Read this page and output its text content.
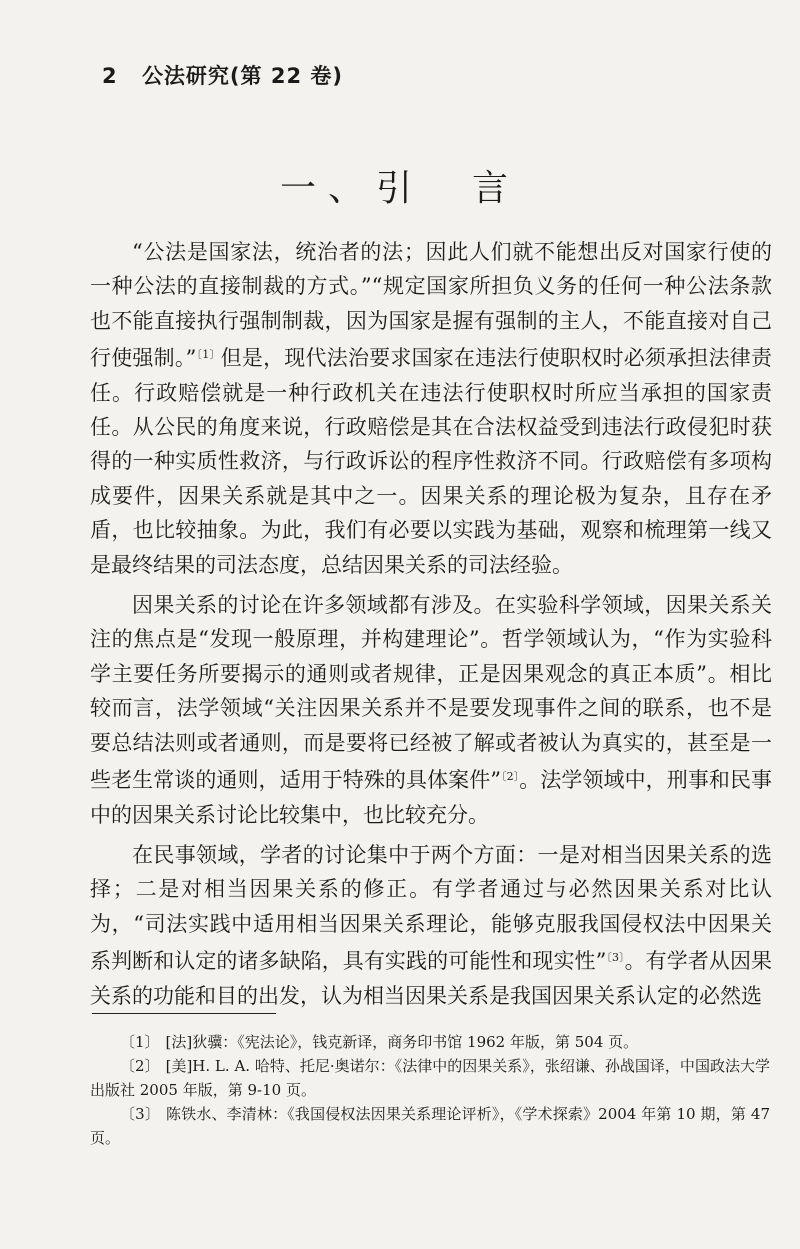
2 公法研究(第 22 卷)
一、引　言

“公法是国家法，统治者的法；因此人们就不能想出反对国家行使的一种公法的直接制裁的方式。”“规定国家所担负义务的任何一种公法条款也不能直接执行强制制裁，因为国家是握有强制的主人，不能直接对自己行使强制。”$^{〔1〕}$但是，现代法治要求国家在违法行使职权时必须承担法律责任。行政赔偿就是一种行政机关在违法行使职权时所应当承担的国家责任。从公民的角度来说，行政赔偿是其在合法权益受到违法行政侵犯时获得的一种实质性救济，与行政诉讼的程序性救济不同。行政赔偿有多项构成要件，因果关系就是其中之一。因果关系的理论极为复杂，且存在矛盾，也比较抽象。为此，我们有必要以实践为基础，观察和梳理第一线又是最终结果的司法态度，总结因果关系的司法经验。

因果关系的讨论在许多领域都有涉及。在实验科学领域，因果关系关注的焦点是“发现一般原理，并构建理论”。哲学领域认为，“作为实验科学主要任务所要揭示的通则或者规律，正是因果观念的真正本质”。相比较而言，法学领域“关注因果关系并不是要发现事件之间的联系，也不是要总结法则或者通则，而是要将已经被了解或者被认为真实的，甚至是一些老生常谈的通则，适用于特殊的具体案件”$^{〔2〕}$。法学领域中，刑事和民事中的因果关系讨论比较集中，也比较充分。

在民事领域，学者的讨论集中于两个方面：一是对相当因果关系的选择；二是对相当因果关系的修正。有学者通过与必然因果关系对比认为，“司法实践中适用相当因果关系理论，能够克服我国侵权法中因果关系判断和认定的诸多缺陷，具有实践的可能性和现实性”$^{〔3〕}$。有学者从因果关系的功能和目的出发，认为相当因果关系是我国因果关系认定的必然选

〔1〕 [法]狄骥：《宪法论》，钱克新译，商务印书馆 1962 年版，第 504 页。

〔2〕 [美]H. L. A. 哈特、托尼·奥诺尔：《法律中的因果关系》，张绍谦、孙战国译，中国政法大学出版社 2005 年版，第 9-10 页。

〔3〕 陈铁水、李清林：《我国侵权法因果关系理论评析》，《学术探索》2004 年第 10 期，第 47 页。
